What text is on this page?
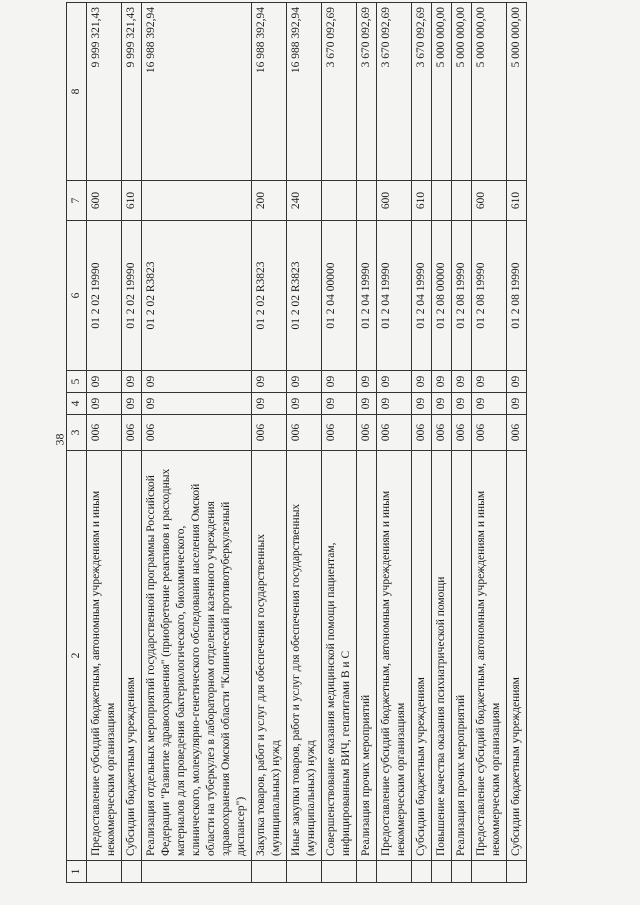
38
1	2	3	4	5	6	7	8
	Предоставление субсидий бюджетным, автономным учреждениям и иным некоммерческим организациям	006	09	09	01 2 02 19990	600	9 999 321,43
	Субсидии бюджетным учреждениям	006	09	09	01 2 02 19990	610	9 999 321,43
	Реализация отдельных мероприятий государственной программы Российской Федерации "Развитие здравоохранения" (приобретение реактивов и расходных материалов для проведения бактериологического, биохимического, клинического, молекулярно-генетического обследования населения Омской области на туберкулез в лабораторном отделении казенного учреждения здравоохранения Омской области "Клинический противотуберкулезный диспансер")	006	09	09	01 2 02 R3823		16 988 392,94
	Закупка товаров, работ и услуг для обеспечения государственных (муниципальных) нужд	006	09	09	01 2 02 R3823	200	16 988 392,94
	Иные закупки товаров, работ и услуг для обеспечения государственных (муниципальных) нужд	006	09	09	01 2 02 R3823	240	16 988 392,94
	Совершенствование оказания медицинской помощи пациентам, инфицированным ВИЧ, гепатитами В и С	006	09	09	01 2 04 00000		3 670 092,69
	Реализация прочих мероприятий	006	09	09	01 2 04 19990		3 670 092,69
	Предоставление субсидий бюджетным, автономным учреждениям и иным некоммерческим организациям	006	09	09	01 2 04 19990	600	3 670 092,69
	Субсидии бюджетным учреждениям	006	09	09	01 2 04 19990	610	3 670 092,69
	Повышение качества оказания психиатрической помощи	006	09	09	01 2 08 00000		5 000 000,00
	Реализация прочих мероприятий	006	09	09	01 2 08 19990		5 000 000,00
	Предоставление субсидий бюджетным, автономным учреждениям и иным некоммерческим организациям	006	09	09	01 2 08 19990	600	5 000 000,00
	Субсидии бюджетным учреждениям	006	09	09	01 2 08 19990	610	5 000 000,00
